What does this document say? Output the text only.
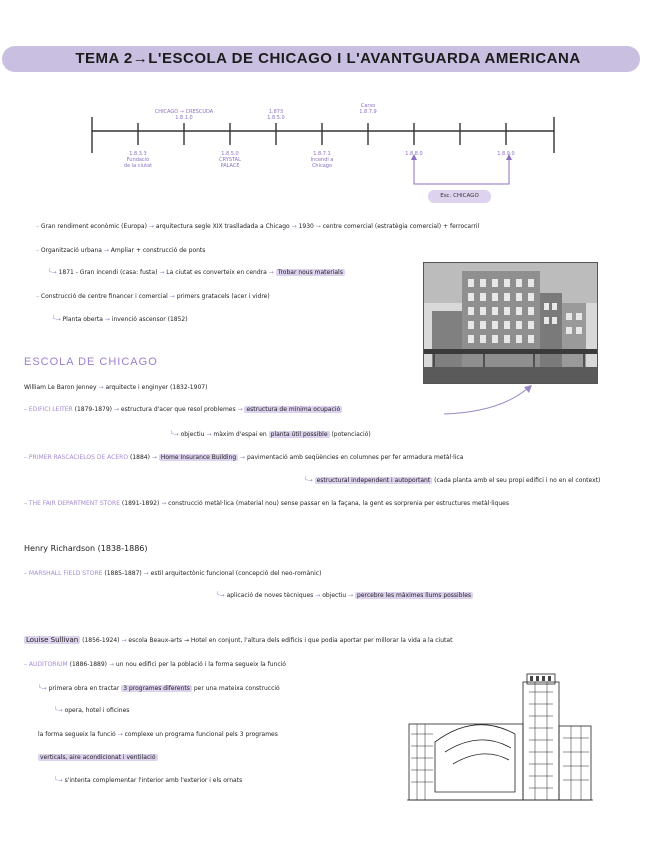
TEMA 2→L'ESCOLA DE CHICAGO I L'AVANTGUARDA AMERICANA
CHICAGO → CRESCUDA
1.8.1.0
1.873
1.8.5.0
Carso
1.8.7.9
1.8.3.3
Fundació
de la ciutat
1.8.5.0
CRYSTAL
PALACE
1.8.7.1
Incendi a
Chicago
1.8.8.0	1.8.9.0
Esc. CHICAGO
– Gran rendiment econòmic (Europa) → arquitectura segle XIX traslladada a Chicago → 1930 → centre comercial (estratègia comercial) + ferrocarril
– Organització urbana → Ampliar + construcció de ponts
└→ 1871 - Gran incendi (casa: fusta) → La ciutat es converteix en cendra → Trobar nous materials
– Construcció de centre financer i comercial → primers gratacels (acer i vidre)
└→ Planta oberta → invenció ascensor (1852)
ESCOLA DE CHICAGO
William Le Baron Jenney → arquitecte i enginyer (1832-1907)
– EDIFICI LEITER (1879-1879) → estructura d'acer que resol problemes → estructura de mínima ocupació
└→ objectiu → màxim d'espai en planta útil possible (potenciació)
– PRIMER RASCACIELOS DE ACERO (1884) → Home Insurance Building → pavimentació amb seqüències en columnes per fer armadura metàl·lica
└→ estructural independent i autoportant (cada planta amb el seu propi edifici i no en el context)
– THE FAIR DEPARTMENT STORE (1891-1892) → construcció metàl·lica (material nou) sense passar en la façana, la gent es sorprenia per estructures metàl·liques
Henry Richardson (1838-1886)
– MARSHALL FIELD STORE (1885-1887) → estil arquitectònic funcional (concepció del neo-romànic)
└→ aplicació de noves tècniques → objectiu → percebre les màximes llums possibles
Louise Sullivan (1856-1924) → escola Beaux-arts → Hotel en conjunt, l'altura dels edificis i que podia aportar per millorar la vida a la ciutat
– AUDITORIUM (1886-1889) → un nou edifici per la població i la forma segueix la funció
└→ primera obra en tractar 3 programes diferents per una mateixa construcció
└→ opera, hotel i oficines
la forma segueix la funció → complexe un programa funcional pels 3 programes
verticals, aire acondicionat i ventilació
└→ s'intenta complementar l'interior amb l'exterior i els ornats
